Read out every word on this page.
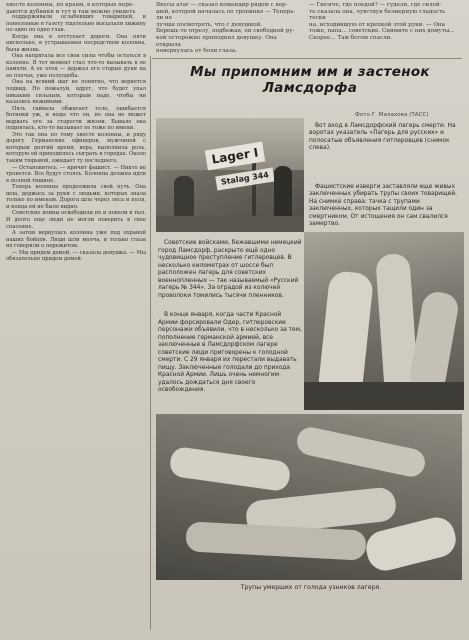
хвосте колонны, по краям, в которых пере-
даются дубинки и тут и там можно увидеть
Вкусы атаг — сказал командир рядом с вер-
шей, которой началась по тропинке — Теперь-ли не
лучше посмотреть, что с девушкой.
Берешь-то отрезу, подбежав, он свободной ру-
кой осторожно приподнял девушку. Она открыла
повернулась от боли глаза.
— Гюсиче, где поедой? — гудели, где силой-
то сказала она, чувствуя безмерную сладость тоски
на, исходившую от крепкой этой руки. — Она
тоже, папа... советские. Снимите с них домуты...
Скорее... Там бегом спасли.

поддерживали ослабевших товарищей, и понесенные в газету тщательно высылали хижину по одно по одно глав.

Когда она в отступает дороги. Она пяти нисколько, в устрашаемая посредством колонна, была жизнь.

Она напрягала все свои силы чтобы остаться в колонне. В тот момент стал что-то вызывать в ее памяти. А ее отец — держал его старые руки на ее плечах, уже полуодоба.

Она на всякий шаг не понятно, что вернется подвид. Но пожалуй, вдруг, что будет упал никаким сильным, которым надо, чтобы ни казались неживыми.

Пять гайвала обжигает тело, ошибается ботинки уж, и воды что он, но она не может вырвать его за старости жизни. Бывало она поднялась, кто-то вызывает ее тоже по имени.

Это так она по тому хвосте колонны, и ряду дорогу Германских офицеров, мужчиной с которым долгий время, вера, выполнила роль, которую ей приходилось сыграть в городах. Около таким тюрьмой, ожидает ту последнего.

— Остановитесь, — кричит фашист. — Никто не тронется. Все будут стоять. Колонна должна идти в полной тишине.

Теперь колонна продолжила свой путь. Она шла, держась за руки с людьми, которых знала только по именам. Дорога шла через леса и поля, и конца ей не было видно.

Советские воины освободили их и повели в тыл. И долго еще люди не могли поверить в свое спасение.

А затем вернулась колонна уже под охраной наших бойцов. Люди шли молча, и только глаза их говорили о пережитом.

— Мы придем домой, — сказала девушка. — Мы обязательно придем домой.

Мы припомним им и застенок Ламсдорфа
Фото Г. Малахова (ТАСС)
Lager I
Stalag 344
Вот вход в Ламсдорфский лагерь смерти. На воротах указатель «Лагерь для русских» и полосатые объявления гитлеровцев (снимок слева).
Фашистские изверги заставляли еще живых заключенных убирать трупы своих товарищей. На снимке справа: тачка с трупами заключенных, которых тащили один за смертником. От истощения он сам свалился замертво.
Советские войсками, бежавшими немецкий город Ламсдорф, раскрыто ещё одно чудовищное преступление гитлеровцев. В несколько километрах от шоссе был расположен лагерь для советских военнопленных — так называемый «Русский лагерь № 344». За оградой из колючей проволоки томились тысячи пленников.
В конце января, когда части Красной Армии форсировали Одер, гитлеровские персонажи объявили, что в несколько за тем, пополнение германской армией, все заключенные в Ламсдорфском лагере советские люди приговорены к голодной смерти. С 29 января их перестали выдавать пищу. Заключенные голодали до прихода Красной Армии. Лишь очень немногим удалось дождаться дня своего освобождения.
Трупы умерших от голода узников лагеря.
